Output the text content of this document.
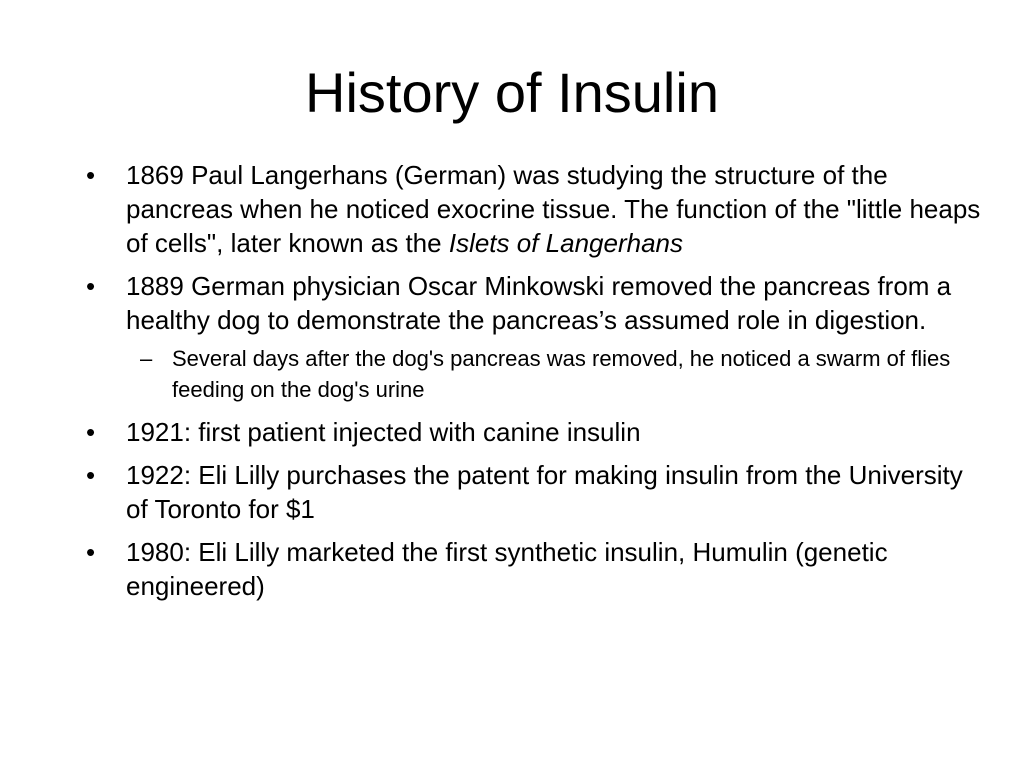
History of Insulin
• 1869 Paul Langerhans (German) was studying the structure of the pancreas when he noticed exocrine tissue. The function of the "little heaps of cells", later known as the Islets of Langerhans
• 1889 German physician Oscar Minkowski removed the pancreas from a healthy dog to demonstrate the pancreas’s assumed role in digestion.
– Several days after the dog's pancreas was removed, he noticed a swarm of flies feeding on the dog's urine
• 1921: first patient injected with canine insulin
• 1922: Eli Lilly purchases the patent for making insulin from the University of Toronto for $1
• 1980: Eli Lilly marketed the first synthetic insulin, Humulin (genetic engineered)
